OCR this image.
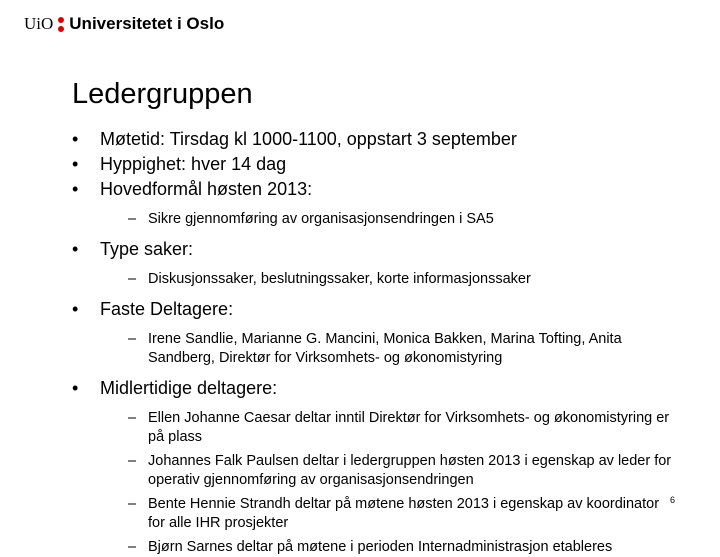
UiO Universitetet i Oslo
Ledergruppen
• Møtetid: Tirsdag kl 1000-1100, oppstart 3 september
• Hyppighet: hver 14 dag
• Hovedformål høsten 2013:
– Sikre gjennomføring av organisasjonsendringen i SA5
• Type saker:
– Diskusjonssaker, beslutningssaker, korte informasjonssaker
• Faste Deltagere:
– Irene Sandlie, Marianne G. Mancini, Monica Bakken, Marina Tofting, Anita Sandberg, Direktør for Virksomhets- og økonomistyring
• Midlertidige deltagere:
– Ellen Johanne Caesar deltar inntil Direktør for Virksomhets- og økonomistyring er på plass
– Johannes Falk Paulsen deltar i ledergruppen høsten 2013 i egenskap av leder for operativ gjennomføring av organisasjonsendringen
– Bente Hennie Strandh deltar på møtene høsten 2013 i egenskap av koordinator for alle IHR prosjekter
– Bjørn Sarnes deltar på møtene i perioden Internadministrasjon etableres
6
